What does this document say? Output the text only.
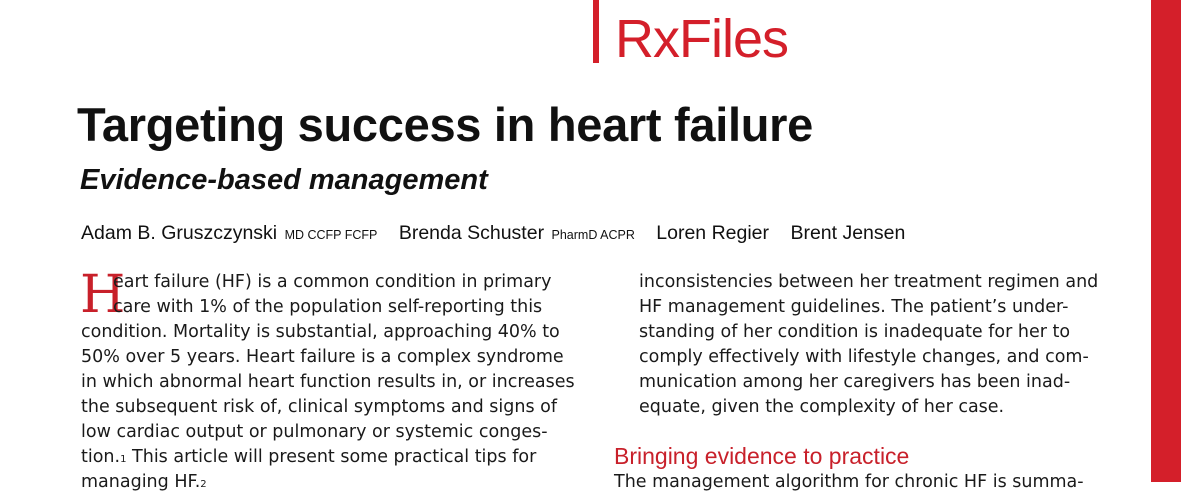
RxFiles
Targeting success in heart failure
Evidence-based management
Adam B. Gruszczynski MD CCFP FCFP Brenda Schuster PharmD ACPR Loren Regier Brent Jensen
H
eart failure (HF) is a common condition in primary
care with 1% of the population self-reporting this
condition. Mortality is substantial, approaching 40% to
50% over 5 years. Heart failure is a complex syndrome
in which abnormal heart function results in, or increases
the subsequent risk of, clinical symptoms and signs of
low cardiac output or pulmonary or systemic conges-
tion.$^1$ This article will present some practical tips for
managing HF.$^2$
inconsistencies between her treatment regimen and
HF management guidelines. The patient’s under-
standing of her condition is inadequate for her to
comply effectively with lifestyle changes, and com-
munication among her caregivers has been inad-
equate, given the complexity of her case.
Bringing evidence to practice
The management algorithm for chronic HF is summa-
